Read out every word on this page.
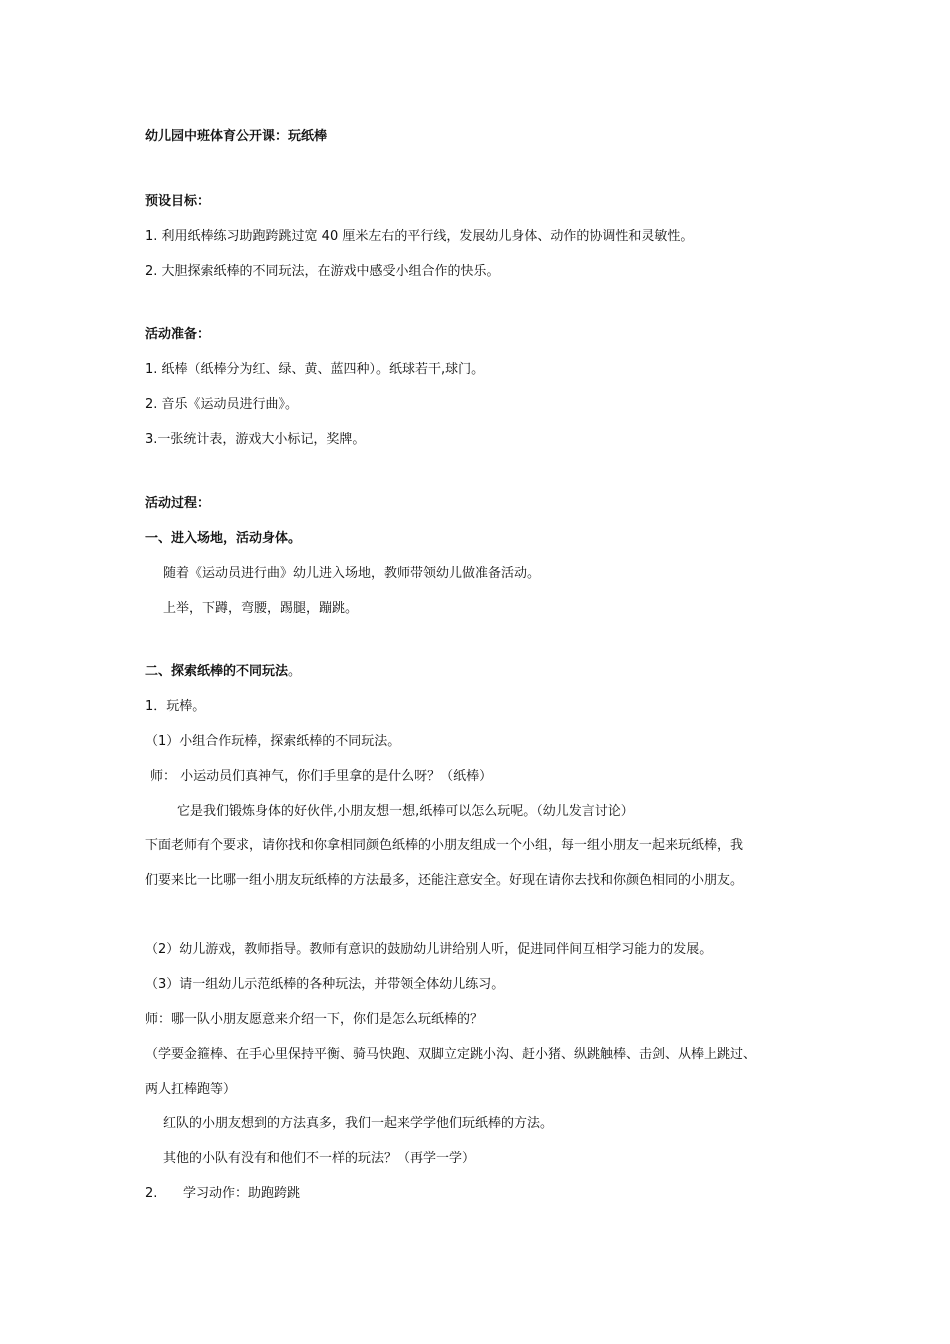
幼儿园中班体育公开课：玩纸棒
预设目标：
1. 利用纸棒练习助跑跨跳过宽 40 厘米左右的平行线，发展幼儿身体、动作的协调性和灵敏性。
2. 大胆探索纸棒的不同玩法，在游戏中感受小组合作的快乐。
活动准备：
1. 纸棒（纸棒分为红、绿、黄、蓝四种）。纸球若干,球门。
2. 音乐《运动员进行曲》。
3.一张统计表，游戏大小标记，奖牌。
活动过程：
一、进入场地，活动身体。
随着《运动员进行曲》幼儿进入场地，教师带领幼儿做准备活动。
上举，下蹲，弯腰，踢腿，蹦跳。
二、探索纸棒的不同玩法。
1．玩棒。
（1）小组合作玩棒，探索纸棒的不同玩法。
师： 小运动员们真神气，你们手里拿的是什么呀？（纸棒）
它是我们锻炼身体的好伙伴,小朋友想一想,纸棒可以怎么玩呢。（幼儿发言讨论）
下面老师有个要求，请你找和你拿相同颜色纸棒的小朋友组成一个小组，每一组小朋友一起来玩纸棒，我
们要来比一比哪一组小朋友玩纸棒的方法最多，还能注意安全。好现在请你去找和你颜色相同的小朋友。
（2）幼儿游戏，教师指导。教师有意识的鼓励幼儿讲给别人听，促进同伴间互相学习能力的发展。
（3）请一组幼儿示范纸棒的各种玩法，并带领全体幼儿练习。
师：哪一队小朋友愿意来介绍一下，你们是怎么玩纸棒的？
（学要金箍棒、在手心里保持平衡、骑马快跑、双脚立定跳小沟、赶小猪、纵跳触棒、击剑、从棒上跳过、
两人扛棒跑等）
红队的小朋友想到的方法真多，我们一起来学学他们玩纸棒的方法。
其他的小队有没有和他们不一样的玩法？（再学一学）
2. 学习动作：助跑跨跳
